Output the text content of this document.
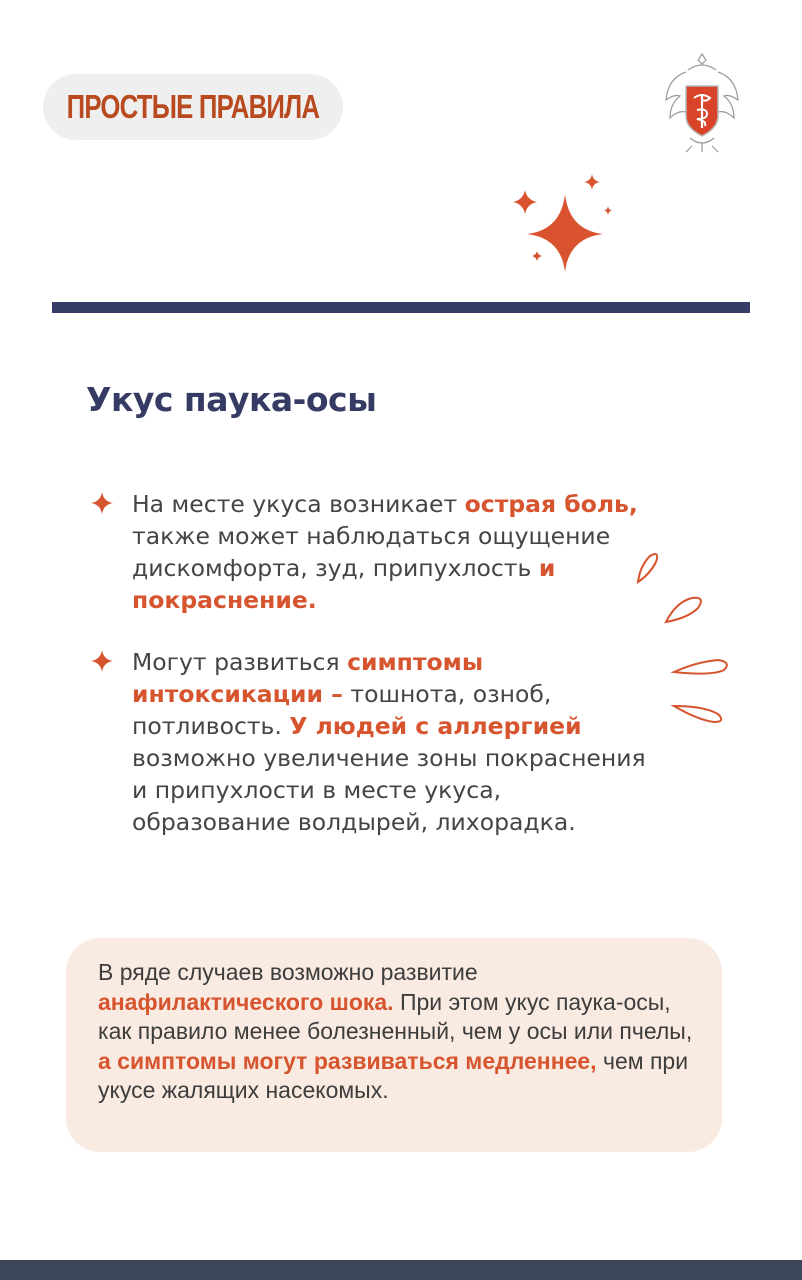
ПРОСТЫЕ ПРАВИЛА
Укус паука-осы
На месте укуса возникает острая боль, также может наблюдаться ощущение дискомфорта, зуд, припухлость и покраснение.
Могут развиться симптомы интоксикации – тошнота, озноб, потливость. У людей с аллергией возможно увеличение зоны покраснения и припухлости в месте укуса, образование волдырей, лихорадка.

В ряде случаев возможно развитие анафилактического шока. При этом укус паука-осы, как правило менее болезненный, чем у осы или пчелы, а симптомы могут развиваться медленнее, чем при укусе жалящих насекомых.
